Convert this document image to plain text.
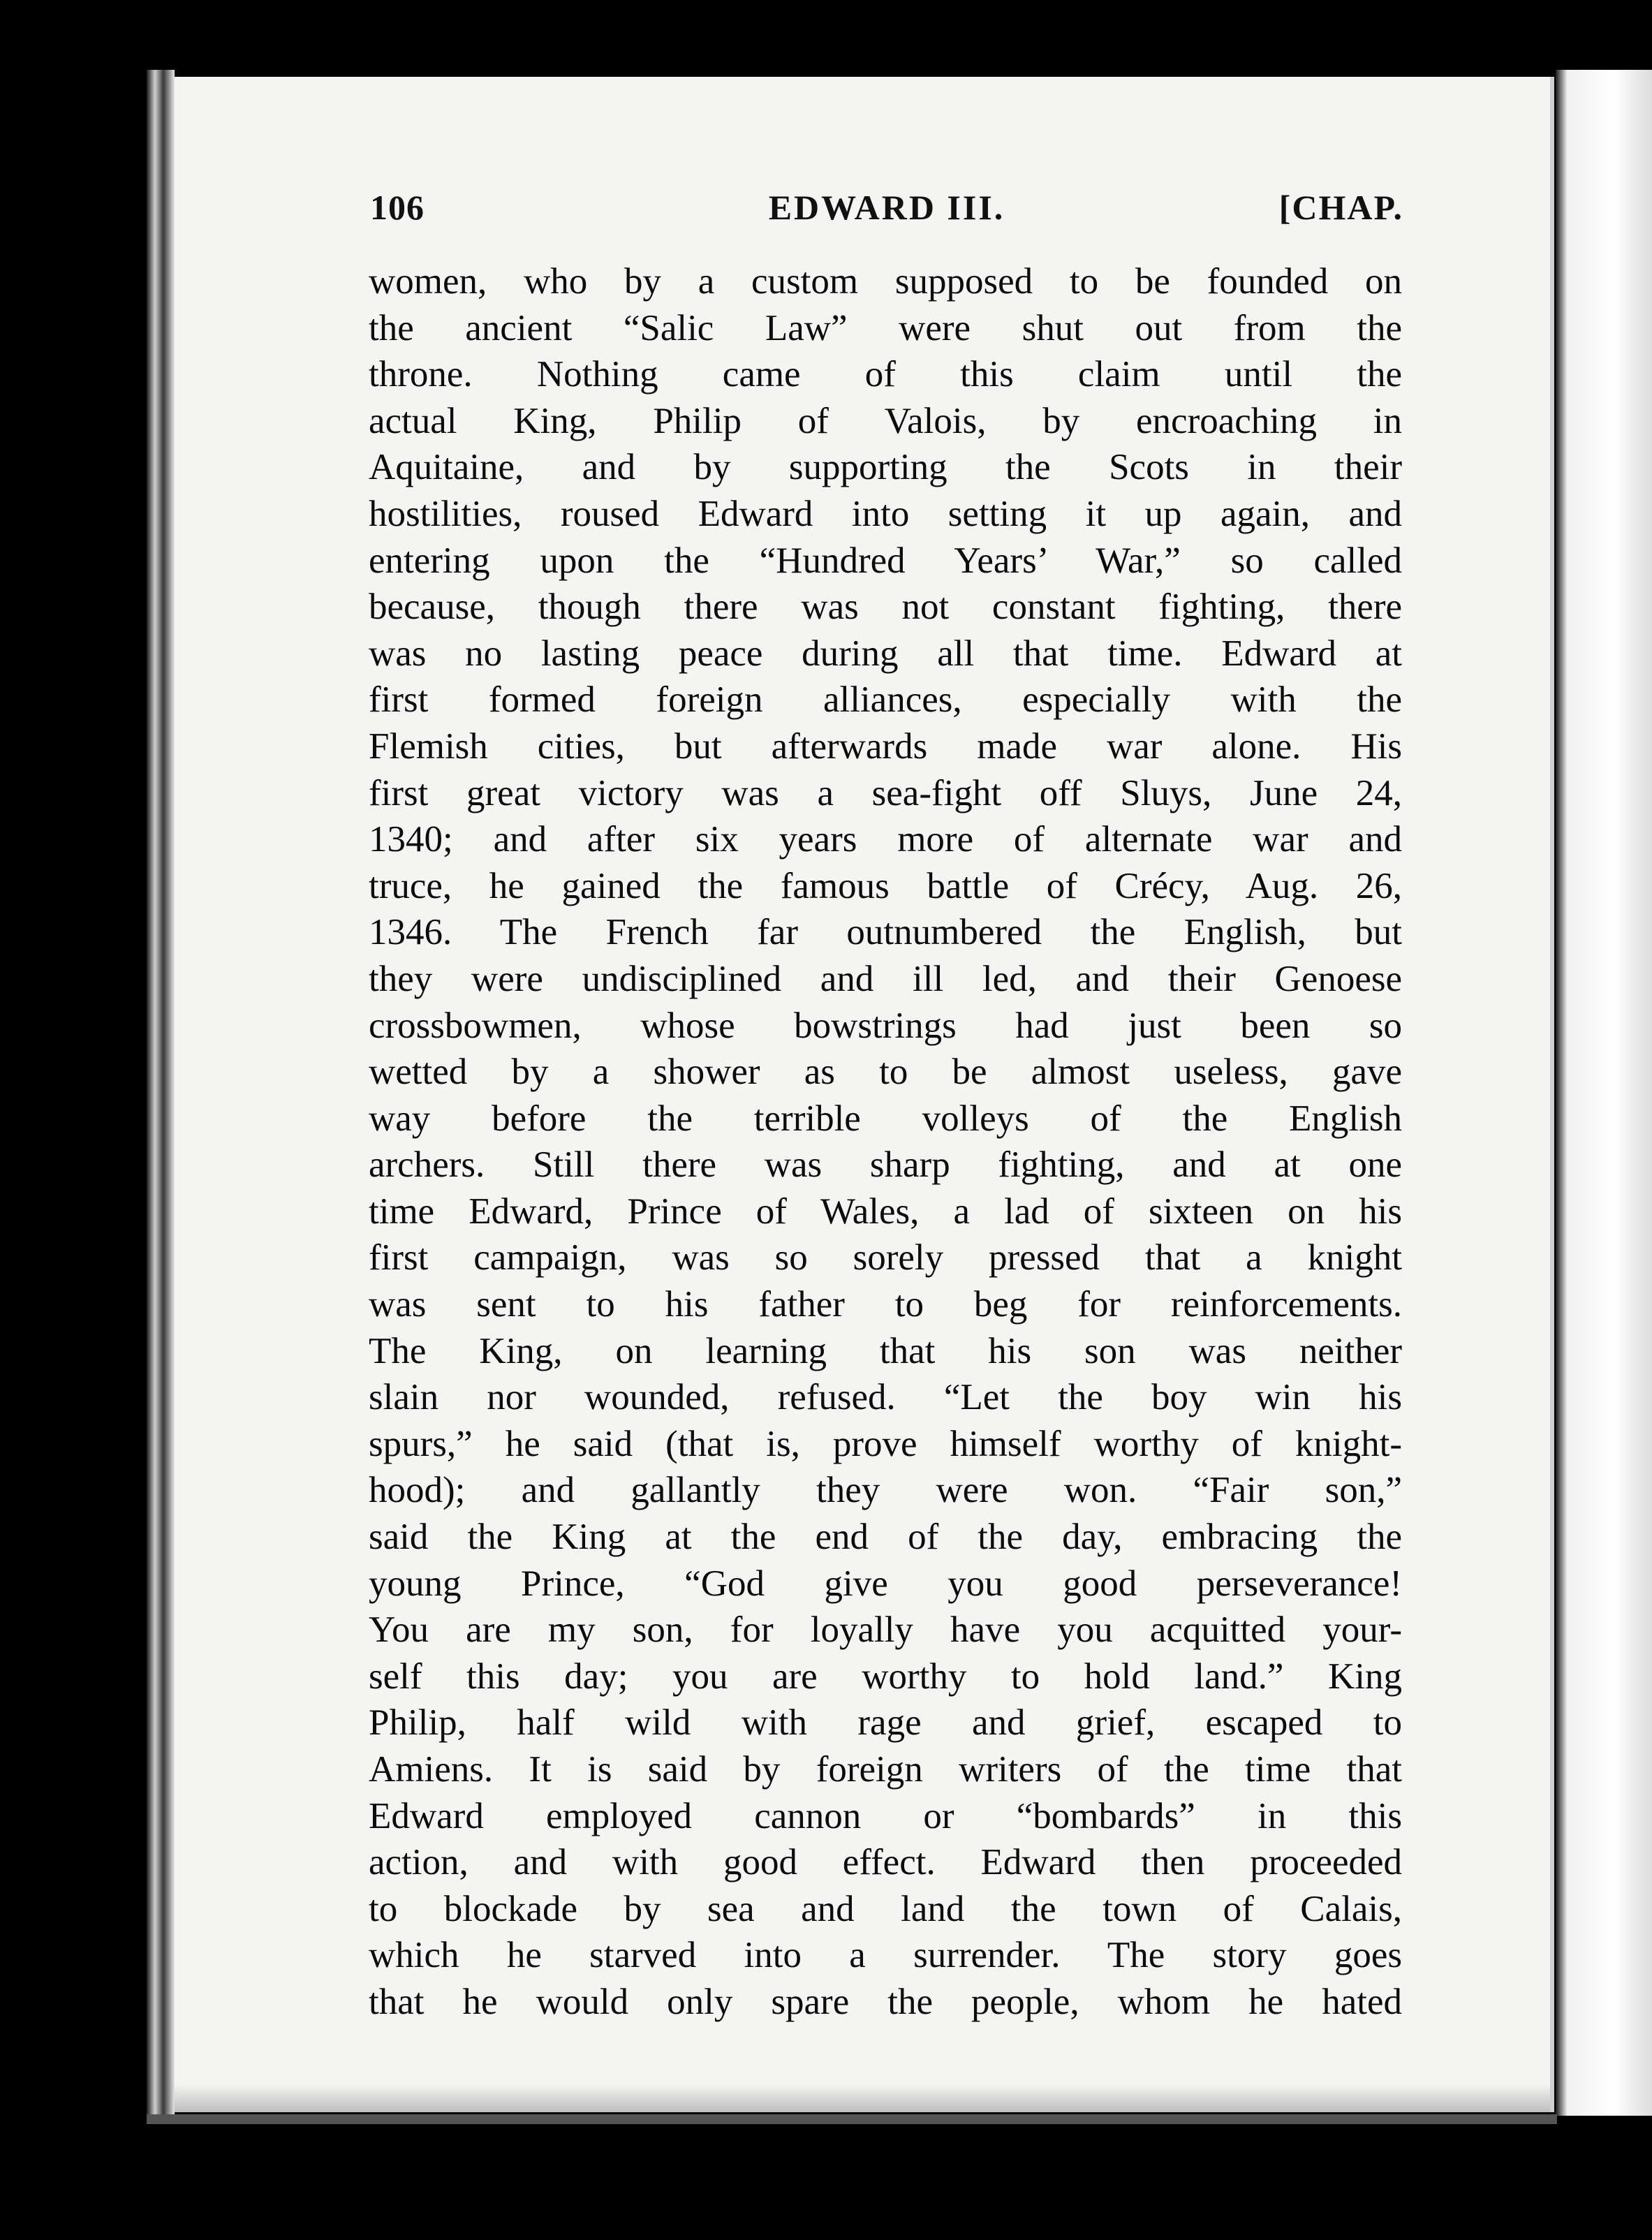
106	EDWARD III.	[CHAP.
women, who by a custom supposed to be founded on
the ancient “Salic Law” were shut out from the
throne. Nothing came of this claim until the
actual King, Philip of Valois, by encroaching in
Aquitaine, and by supporting the Scots in their
hostilities, roused Edward into setting it up again, and
entering upon the “Hundred Years’ War,” so called
because, though there was not constant fighting, there
was no lasting peace during all that time. Edward at
first formed foreign alliances, especially with the
Flemish cities, but afterwards made war alone. His
first great victory was a sea-fight off Sluys, June 24,
1340; and after six years more of alternate war and
truce, he gained the famous battle of Crécy, Aug. 26,
1346. The French far outnumbered the English, but
they were undisciplined and ill led, and their Genoese
crossbowmen, whose bowstrings had just been so
wetted by a shower as to be almost useless, gave
way before the terrible volleys of the English
archers. Still there was sharp fighting, and at one
time Edward, Prince of Wales, a lad of sixteen on his
first campaign, was so sorely pressed that a knight
was sent to his father to beg for reinforcements.
The King, on learning that his son was neither
slain nor wounded, refused. “Let the boy win his
spurs,” he said (that is, prove himself worthy of knight-
hood); and gallantly they were won. “Fair son,”
said the King at the end of the day, embracing the
young Prince, “God give you good perseverance!
You are my son, for loyally have you acquitted your-
self this day; you are worthy to hold land.” King
Philip, half wild with rage and grief, escaped to
Amiens. It is said by foreign writers of the time that
Edward employed cannon or “bombards” in this
action, and with good effect. Edward then proceeded
to blockade by sea and land the town of Calais,
which he starved into a surrender. The story goes
that he would only spare the people, whom he hated
